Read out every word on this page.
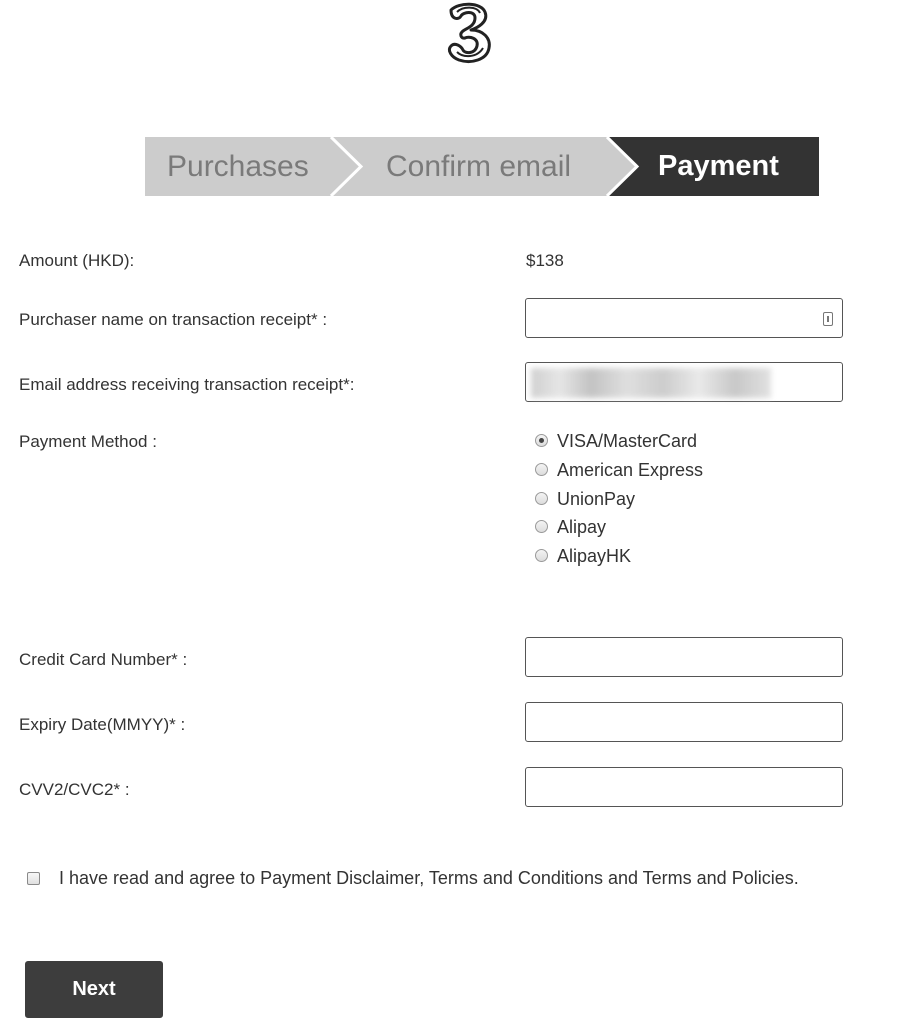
Purchases	Confirm email	Payment
Amount (HKD):	$138
Purchaser name on transaction receipt* :
Email address receiving transaction receipt*:
Payment Method :	VISA/MasterCard
American Express
UnionPay
Alipay
AlipayHK
Credit Card Number* :
Expiry Date(MMYY)* :
CVV2/CVC2* :
I have read and agree to Payment Disclaimer, Terms and Conditions and Terms and Policies.
Next
